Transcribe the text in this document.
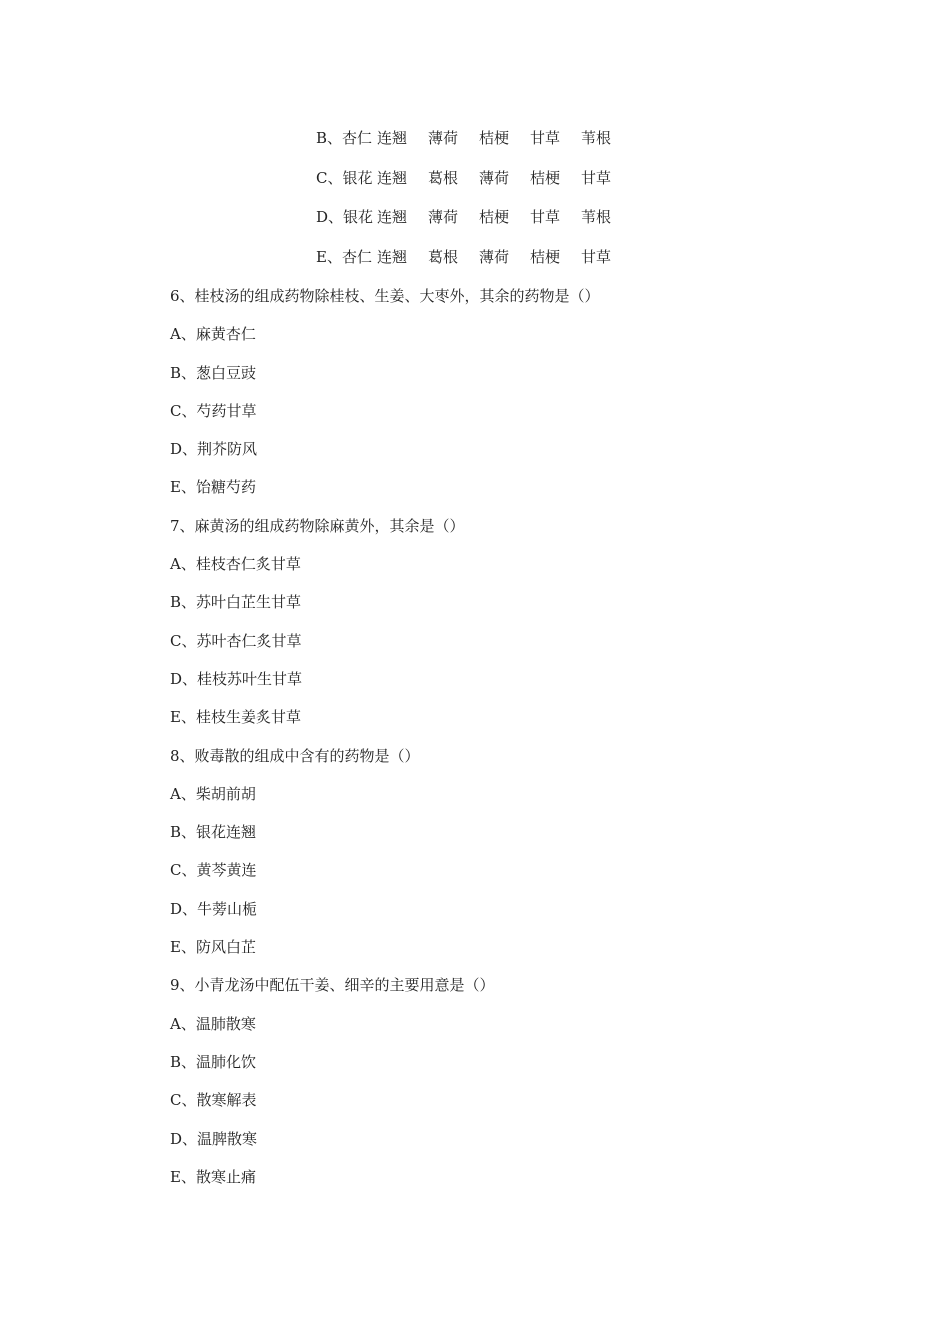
B、杏仁 连翘	薄荷	桔梗	甘草	苇根
C、银花 连翘	葛根	薄荷	桔梗	甘草
D、银花 连翘	薄荷	桔梗	甘草	苇根
E、杏仁 连翘	葛根	薄荷	桔梗	甘草
6、桂枝汤的组成药物除桂枝、生姜、大枣外，其余的药物是（）
A、麻黄杏仁
B、葱白豆豉
C、芍药甘草
D、荆芥防风
E、饴糖芍药
7、麻黄汤的组成药物除麻黄外，其余是（）
A、桂枝杏仁炙甘草
B、苏叶白芷生甘草
C、苏叶杏仁炙甘草
D、桂枝苏叶生甘草
E、桂枝生姜炙甘草
8、败毒散的组成中含有的药物是（）
A、柴胡前胡
B、银花连翘
C、黄芩黄连
D、牛蒡山栀
E、防风白芷
9、小青龙汤中配伍干姜、细辛的主要用意是（）
A、温肺散寒
B、温肺化饮
C、散寒解表
D、温脾散寒
E、散寒止痛
